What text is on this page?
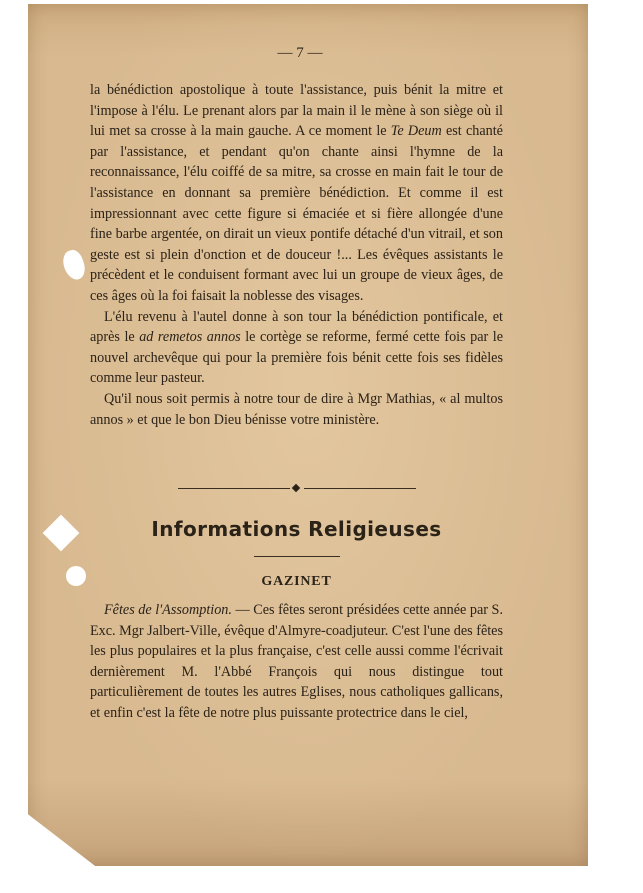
— 7 —

la bénédiction apostolique à toute l'assistance, puis bénit la mitre et l'impose à l'élu. Le prenant alors par la main il le mène à son siège où il lui met sa crosse à la main gauche. A ce moment le Te Deum est chanté par l'assistance, et pendant qu'on chante ainsi l'hymne de la reconnaissance, l'élu coiffé de sa mitre, sa crosse en main fait le tour de l'assistance en donnant sa première bénédiction. Et comme il est impressionnant avec cette figure si émaciée et si fière allongée d'une fine barbe argentée, on dirait un vieux pontife détaché d'un vitrail, et son geste est si plein d'onction et de douceur !... Les évêques assistants le précèdent et le conduisent formant avec lui un groupe de vieux âges, de ces âges où la foi faisait la noblesse des visages.

L'élu revenu à l'autel donne à son tour la bénédiction pontificale, et après le ad remetos annos le cortège se reforme, fermé cette fois par le nouvel archevêque qui pour la première fois bénit cette fois ses fidèles comme leur pasteur.

Qu'il nous soit permis à notre tour de dire à Mgr Mathias, « al multos annos » et que le bon Dieu bénisse votre ministère.

Informations Religieuses
GAZINET

Fêtes de l'Assomption. — Ces fêtes seront présidées cette année par S. Exc. Mgr Jalbert-Ville, évêque d'Almyre-coadjuteur. C'est l'une des fêtes les plus populaires et la plus française, c'est celle aussi comme l'écrivait dernièrement M. l'Abbé François qui nous distingue tout particulièrement de toutes les autres Eglises, nous catholiques gallicans, et enfin c'est la fête de notre plus puissante protectrice dans le ciel,
